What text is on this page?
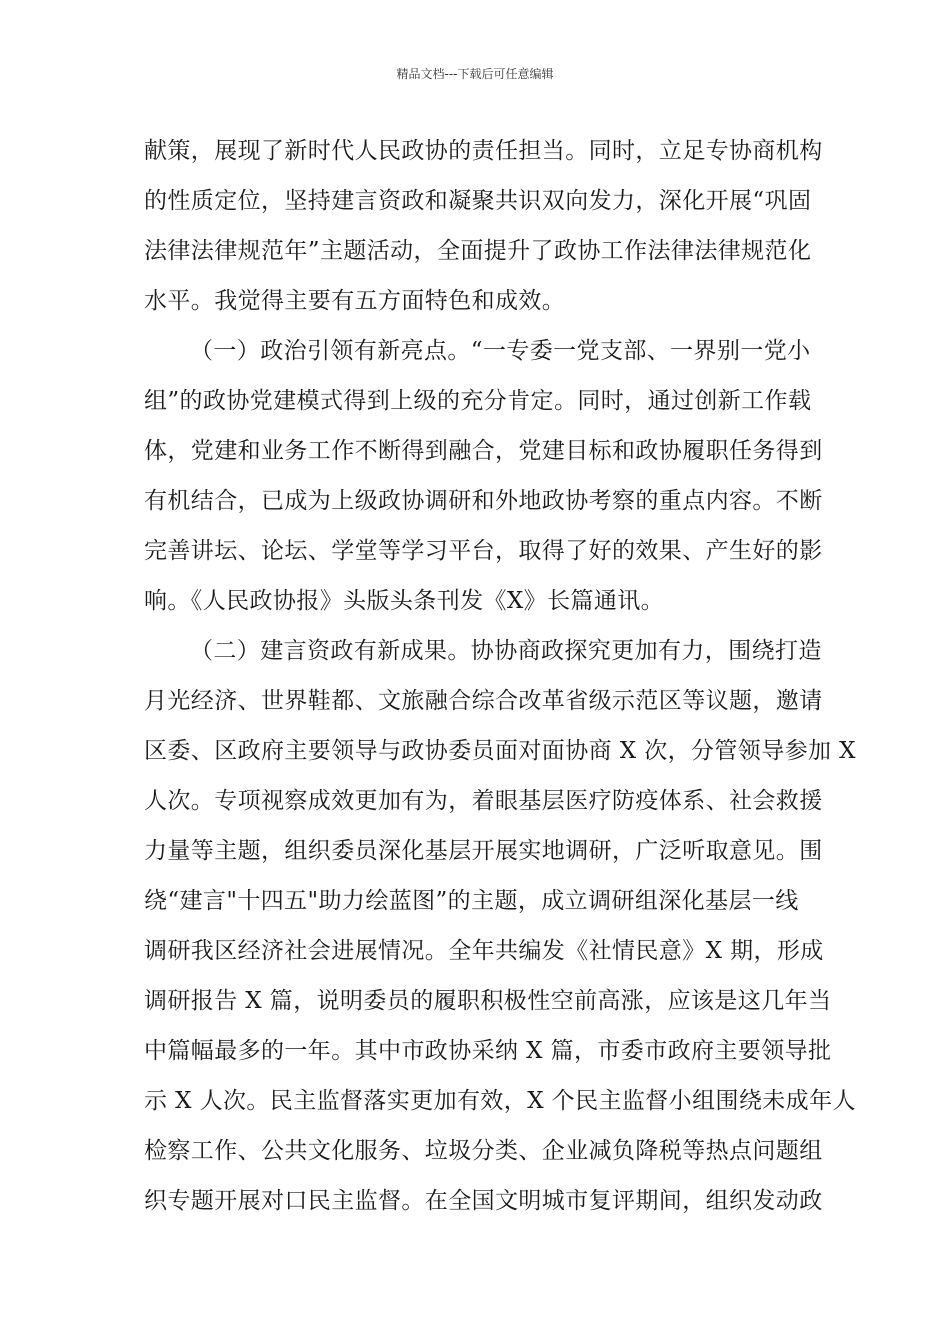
精品文档---下载后可任意编辑
献策，展现了新时代人民政协的责任担当。同时，立足专协商机构
的性质定位，坚持建言资政和凝聚共识双向发力，深化开展“巩固
法律法律规范年”主题活动，全面提升了政协工作法律法律规范化
水平。我觉得主要有五方面特色和成效。
（一）政治引领有新亮点。“一专委一党支部、一界别一党小
组”的政协党建模式得到上级的充分肯定。同时，通过创新工作载
体，党建和业务工作不断得到融合，党建目标和政协履职任务得到
有机结合，已成为上级政协调研和外地政协考察的重点内容。不断
完善讲坛、论坛、学堂等学习平台，取得了好的效果、产生好的影
响。《人民政协报》头版头条刊发《X》长篇通讯。
（二）建言资政有新成果。协协商政探究更加有力，围绕打造
月光经济、世界鞋都、文旅融合综合改革省级示范区等议题，邀请
区委、区政府主要领导与政协委员面对面协商 X 次，分管领导参加 X
人次。专项视察成效更加有为，着眼基层医疗防疫体系、社会救援
力量等主题，组织委员深化基层开展实地调研，广泛听取意见。围
绕“建言"十四五"助力绘蓝图”的主题，成立调研组深化基层一线
调研我区经济社会进展情况。全年共编发《社情民意》X 期，形成
调研报告 X 篇，说明委员的履职积极性空前高涨，应该是这几年当
中篇幅最多的一年。其中市政协采纳 X 篇，市委市政府主要领导批
示 X 人次。民主监督落实更加有效，X 个民主监督小组围绕未成年人
检察工作、公共文化服务、垃圾分类、企业减负降税等热点问题组
织专题开展对口民主监督。在全国文明城市复评期间，组织发动政
